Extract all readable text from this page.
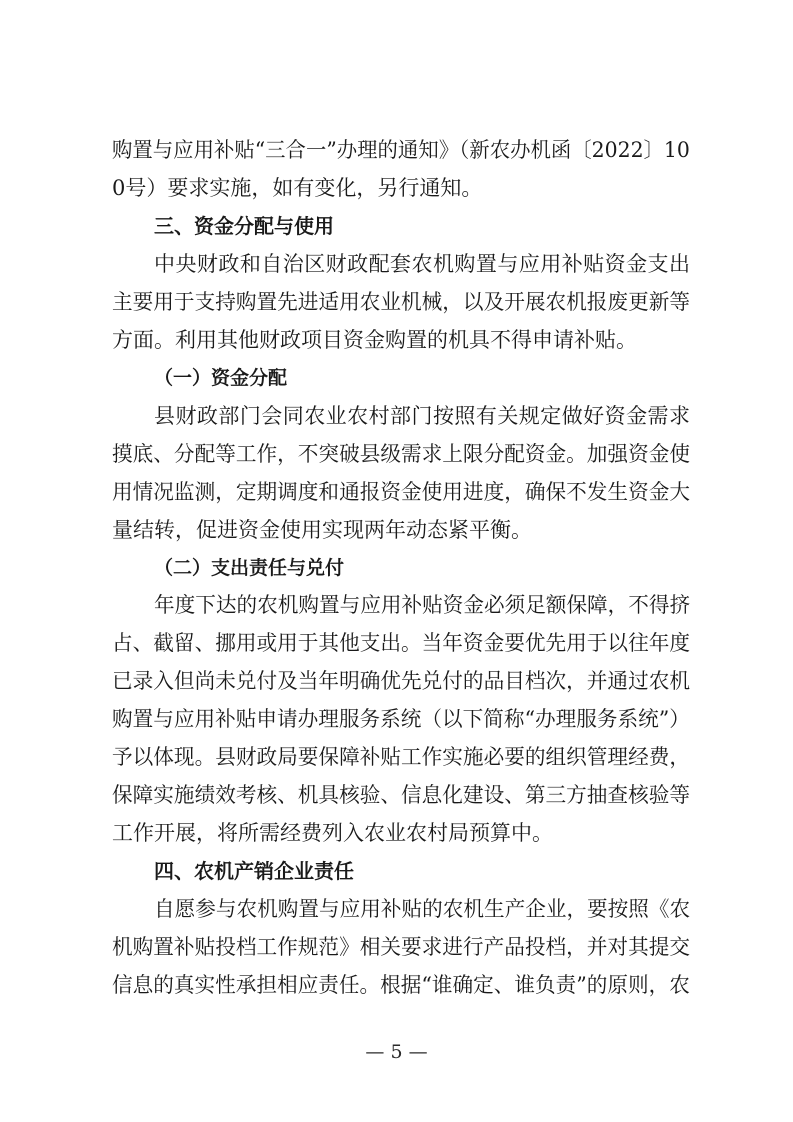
购置与应用补贴“三合一”办理的通知》（新农办机函〔2022〕10
0号）要求实施，如有变化，另行通知。
三、资金分配与使用
中央财政和自治区财政配套农机购置与应用补贴资金支出
主要用于支持购置先进适用农业机械，以及开展农机报废更新等
方面。利用其他财政项目资金购置的机具不得申请补贴。
（一）资金分配
县财政部门会同农业农村部门按照有关规定做好资金需求
摸底、分配等工作，不突破县级需求上限分配资金。加强资金使
用情况监测，定期调度和通报资金使用进度，确保不发生资金大
量结转，促进资金使用实现两年动态紧平衡。
（二）支出责任与兑付
年度下达的农机购置与应用补贴资金必须足额保障，不得挤
占、截留、挪用或用于其他支出。当年资金要优先用于以往年度
已录入但尚未兑付及当年明确优先兑付的品目档次，并通过农机
购置与应用补贴申请办理服务系统（以下简称“办理服务系统”）
予以体现。县财政局要保障补贴工作实施必要的组织管理经费，
保障实施绩效考核、机具核验、信息化建设、第三方抽查核验等
工作开展，将所需经费列入农业农村局预算中。
四、农机产销企业责任
自愿参与农机购置与应用补贴的农机生产企业，要按照《农
机购置补贴投档工作规范》相关要求进行产品投档，并对其提交
信息的真实性承担相应责任。根据“谁确定、谁负责”的原则，农
— 5 —
